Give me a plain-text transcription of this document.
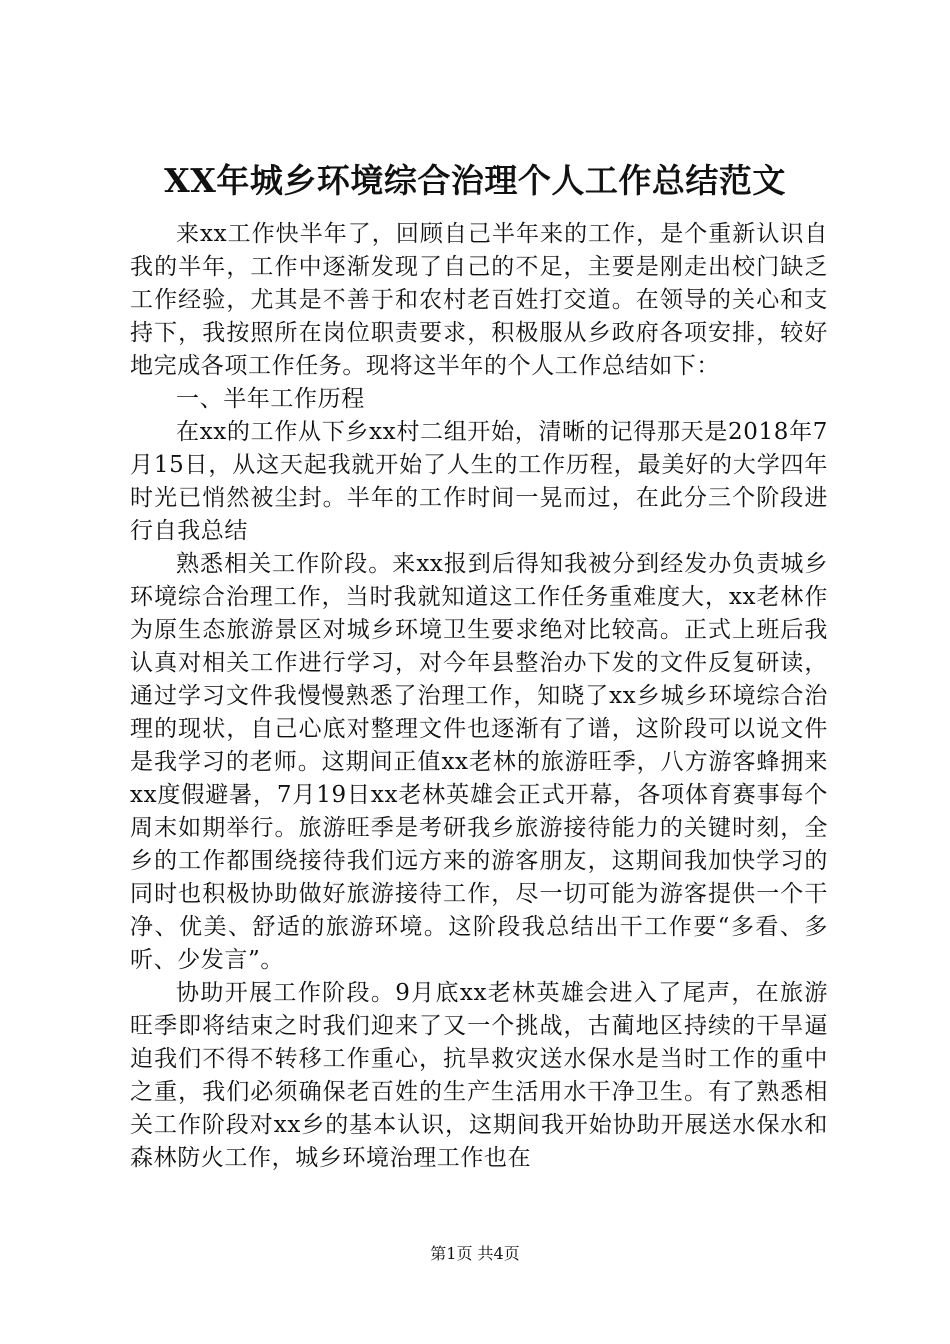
XX年城乡环境综合治理个人工作总结范文

来xx工作快半年了，回顾自己半年来的工作，是个重新认识自我的半年，工作中逐渐发现了自己的不足，主要是刚走出校门缺乏工作经验，尤其是不善于和农村老百姓打交道。在领导的关心和支持下，我按照所在岗位职责要求，积极服从乡政府各项安排，较好地完成各项工作任务。现将这半年的个人工作总结如下：

一、半年工作历程

在xx的工作从下乡xx村二组开始，清晰的记得那天是2018年7月15日，从这天起我就开始了人生的工作历程，最美好的大学四年时光已悄然被尘封。半年的工作时间一晃而过，在此分三个阶段进行自我总结

熟悉相关工作阶段。来xx报到后得知我被分到经发办负责城乡环境综合治理工作，当时我就知道这工作任务重难度大，xx老林作为原生态旅游景区对城乡环境卫生要求绝对比较高。正式上班后我认真对相关工作进行学习，对今年县整治办下发的文件反复研读，通过学习文件我慢慢熟悉了治理工作，知晓了xx乡城乡环境综合治理的现状，自己心底对整理文件也逐渐有了谱，这阶段可以说文件是我学习的老师。这期间正值xx老林的旅游旺季，八方游客蜂拥来xx度假避暑，7月19日xx老林英雄会正式开幕，各项体育赛事每个周末如期举行。旅游旺季是考研我乡旅游接待能力的关键时刻，全乡的工作都围绕接待我们远方来的游客朋友，这期间我加快学习的同时也积极协助做好旅游接待工作，尽一切可能为游客提供一个干净、优美、舒适的旅游环境。这阶段我总结出干工作要“多看、多听、少发言”。

协助开展工作阶段。9月底xx老林英雄会进入了尾声，在旅游旺季即将结束之时我们迎来了又一个挑战，古蔺地区持续的干旱逼迫我们不得不转移工作重心，抗旱救灾送水保水是当时工作的重中之重，我们必须确保老百姓的生产生活用水干净卫生。有了熟悉相关工作阶段对xx乡的基本认识，这期间我开始协助开展送水保水和森林防火工作，城乡环境治理工作也在

第1页 共4页
